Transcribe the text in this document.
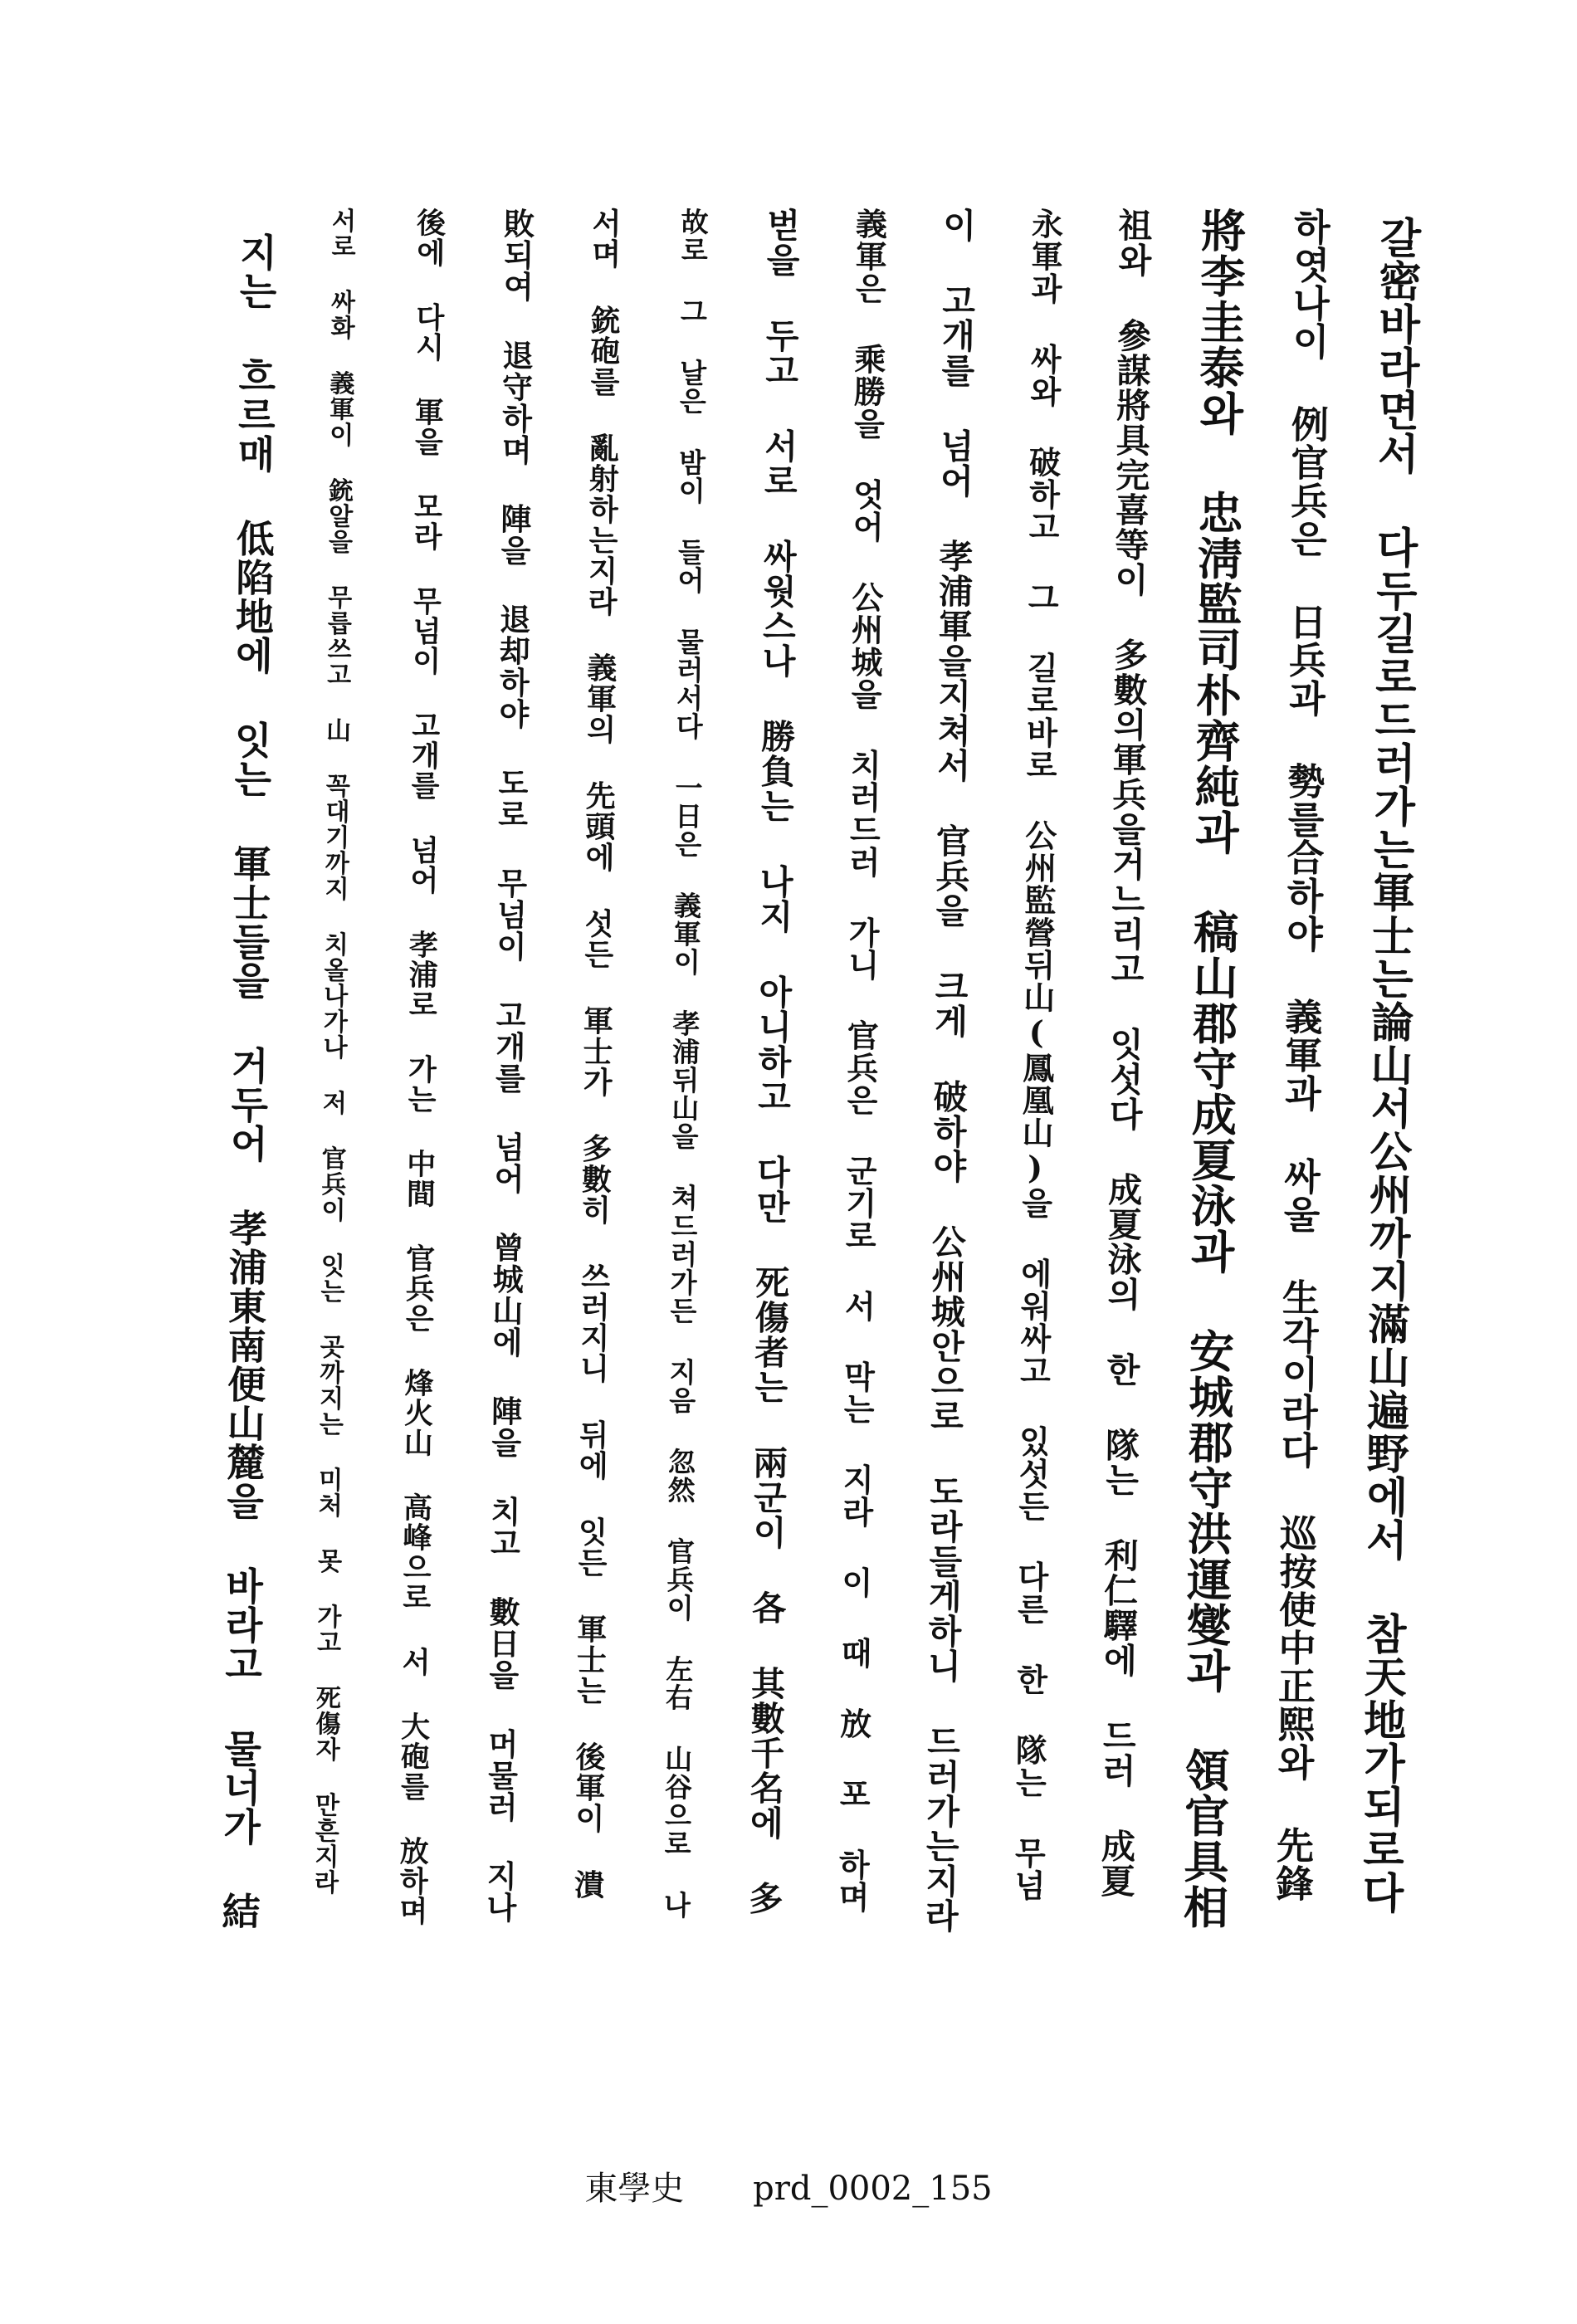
갈密바라면서 다두길로드러가는軍士는論山서公州까지滿山遍野에서 참天地가되로다
하엿나이 例官兵은 日兵과 勢를合하야 義軍과 싸울 生각이라다 巡按使中正熙와 先鋒
將李圭泰와 忠淸監司朴齊純과 稿山郡守成夏泳과 安城郡守洪運燮과 領官具相
祖와 參謀將具完喜等이 多數의軍兵을거느리고 잇섯다 成夏泳의 한 隊는 利仁驛에 드러 成夏
永軍과 싸와 破하고 그 길로바로 公州監營뒤山(鳳凰山)을 에워싸고 있섯든 다른 한 隊는 무넘
이 고개를 넘어 孝浦軍을지쳐서 官兵을 크게 破하야 公州城안으로 도라들게하니 드러가는지라
義軍은 乘勝을 엇어 公州城을 치러드러 가니 官兵은 군기로 서 막는 지라 이 때 放 포 하며
벋을 두고 서로 싸웟스나 勝負는 나지 아니하고 다만 死傷者는 兩군이 各 其數千名에 多
故로 그 날은 밤이 들어 물러서다 一日은 義軍이 孝浦뒤山을 쳐드러가든 지음 忽然 官兵이 左右 山谷으로 나
서며 銃砲를 亂射하는지라 義軍의 先頭에 섯든 軍士가 多數히 쓰러지니 뒤에 잇든 軍士는 後軍이 潰
敗되여 退守하며 陣을 退却하야 도로 무넘이 고개를 넘어 曾城山에 陣을 치고 數日을 머물러 지나
後에 다시 軍을 모라 무넘이 고개를 넘어 孝浦로 가는 中間 官兵은 烽火山 高峰으로 서 大砲를 放하며
서로 싸화 義軍이 銃알을 무릅쓰고 山 꼭대기까지 치올나가나 저 官兵이 잇는 곳까지는 미처 못 가고 死傷자 만흔지라
지는 흐르매 低陷地에 잇는 軍士들을 거두어 孝浦東南便山麓을 바라고 물너가 結
東學史 prd_0002_155
